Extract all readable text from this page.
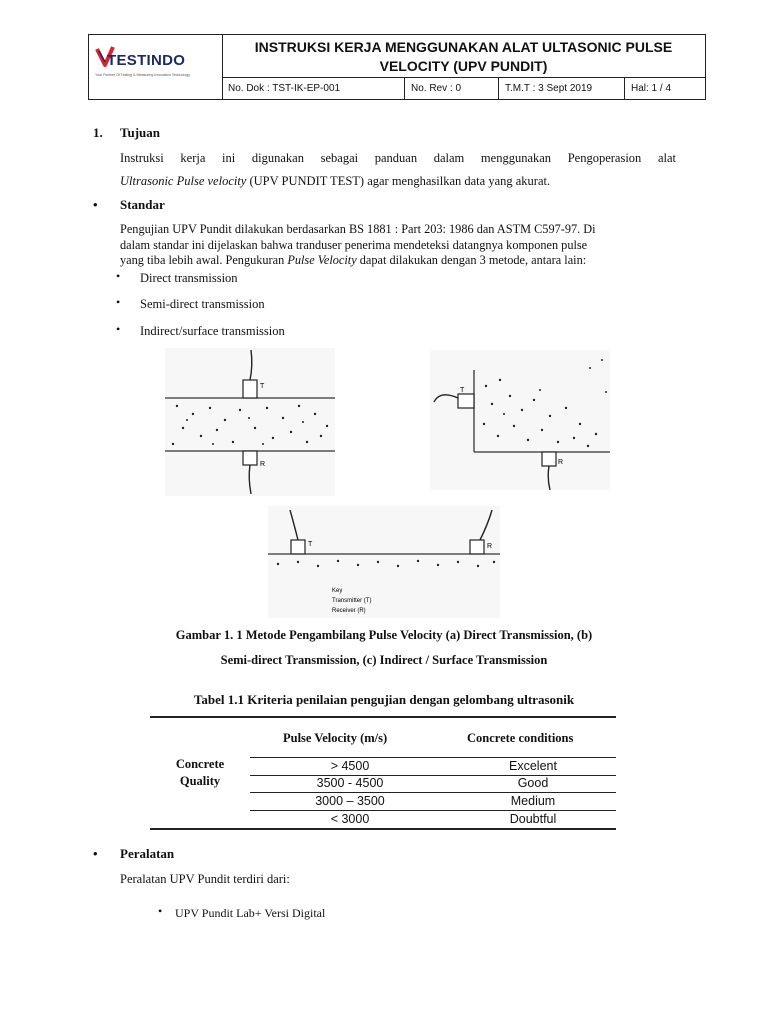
TESTINDO
Your Partner Of Testing & Measuring Innovation Technology
INSTRUKSI KERJA MENGGUNAKAN ALAT ULTASONIC PULSE VELOCITY (UPV PUNDIT)
No. Dok : TST-IK-EP-001	No. Rev : 0	T.M.T : 3 Sept 2019	Hal: 1 / 4
1. Tujuan
Instruksi kerja ini digunakan sebagai panduan dalam menggunakan Pengoperasion alat
Ultrasonic Pulse velocity (UPV PUNDIT TEST) agar menghasilkan data yang akurat.
• Standar
Pengujian UPV Pundit dilakukan berdasarkan BS 1881 : Part 203: 1986 dan ASTM C597-97. Di
dalam standar ini dijelaskan bahwa tranduser penerima mendeteksi datangnya komponen pulse
yang tiba lebih awal. Pengukuran Pulse Velocity dapat dilakukan dengan 3 metode, antara lain:
• Direct transmission
• Semi-direct transmission
• Indirect/surface transmission
T
R
T
R
T	R
Key
Transmitter (T)
Receiver (R)
Gambar 1. 1 Metode Pengambilang Pulse Velocity (a) Direct Transmission, (b)
Semi-direct Transmission, (c) Indirect / Surface Transmission
Tabel 1.1 Kriteria penilaian pengujian dengan gelombang ultrasonik
Pulse Velocity (m/s)	Concrete conditions
Concrete
Quality
> 4500	Excelent
3500 - 4500	Good
3000 – 3500	Medium
< 3000	Doubtful
• Peralatan
Peralatan UPV Pundit terdiri dari:
• UPV Pundit Lab+ Versi Digital
